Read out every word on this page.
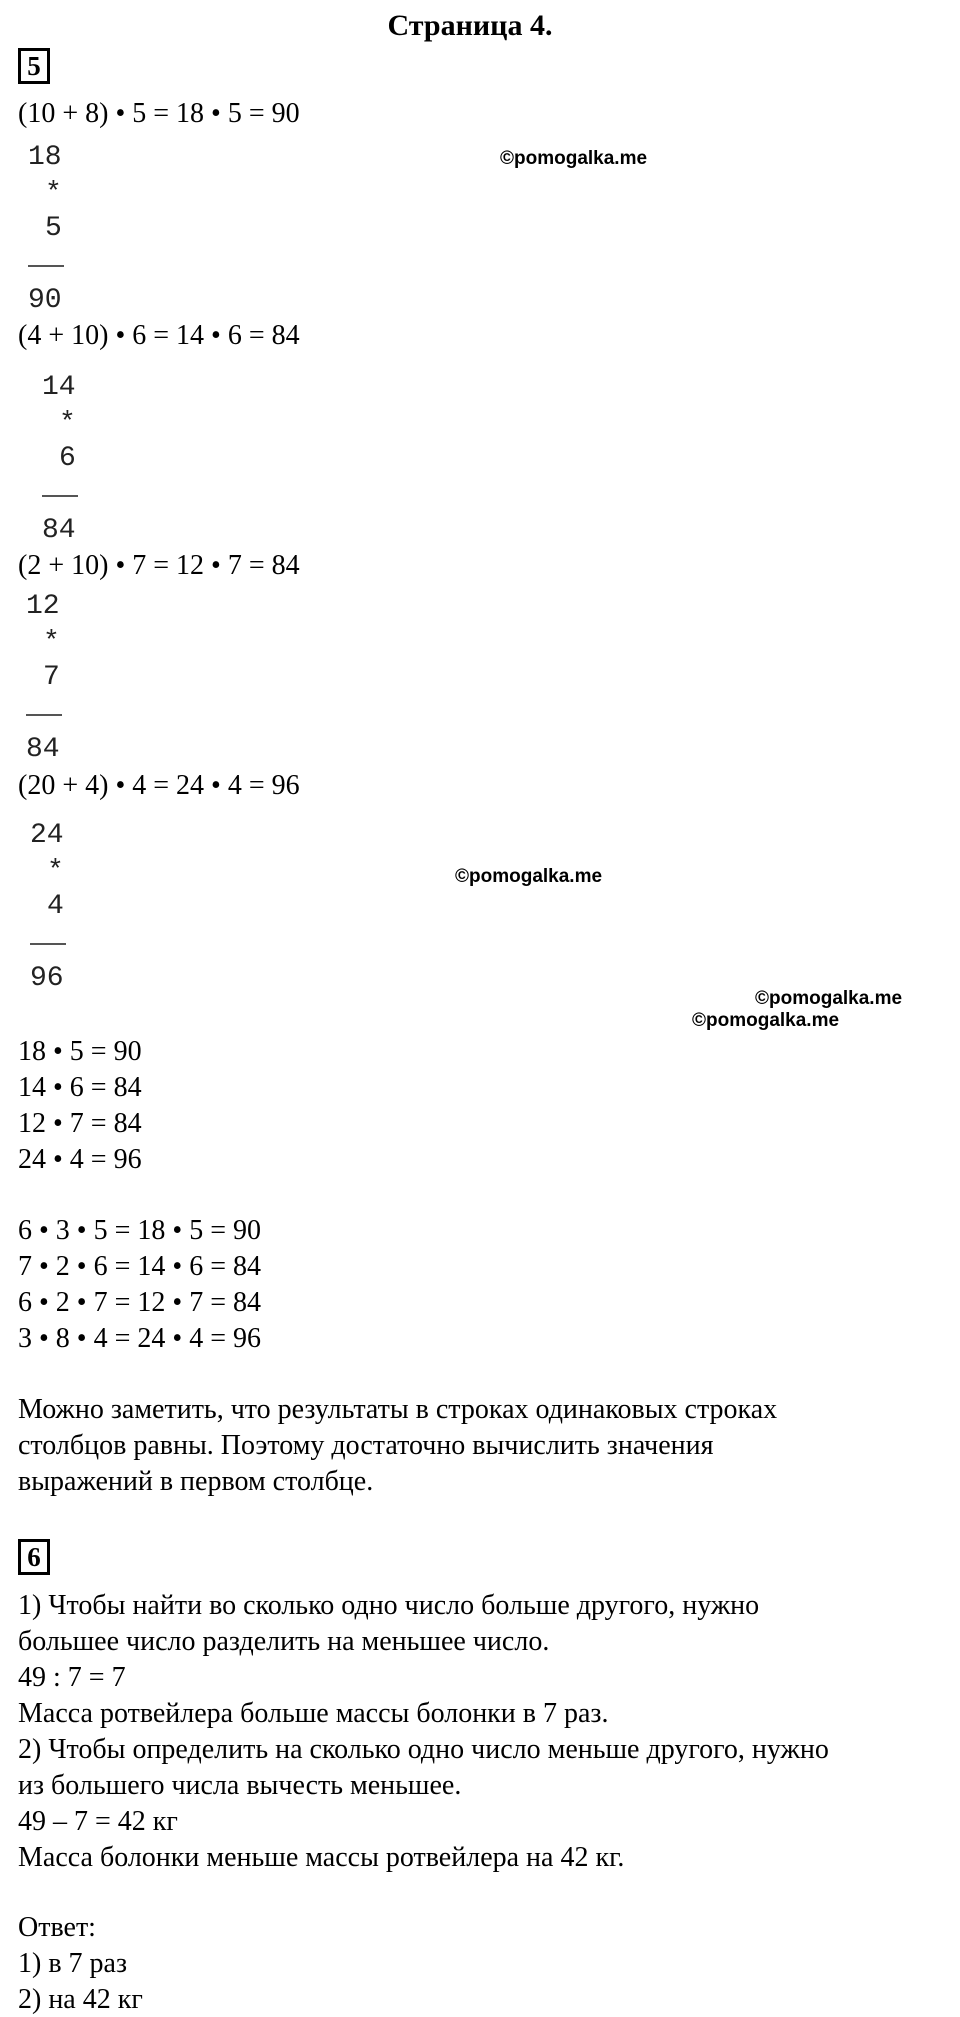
Страница 4.
5
(10 + 8) • 5 = 18 • 5 = 90
18
*
5
90
(4 + 10) • 6 = 14 • 6 = 84
14
*
6
84
(2 + 10) • 7 = 12 • 7 = 84
12
*
7
84
(20 + 4) • 4 = 24 • 4 = 96
24
*
4
96
18 • 5 = 90
14 • 6 = 84
12 • 7 = 84
24 • 4 = 96
6 • 3 • 5 = 18 • 5 = 90
7 • 2 • 6 = 14 • 6 = 84
6 • 2 • 7 = 12 • 7 = 84
3 • 8 • 4 = 24 • 4 = 96
Можно заметить, что результаты в строках одинаковых строках
столбцов равны. Поэтому достаточно вычислить значения
выражений в первом столбце.
6
1) Чтобы найти во сколько одно число больше другого, нужно
большее число разделить на меньшее число.
49 : 7 = 7
Масса ротвейлера больше массы болонки в 7 раз.
2) Чтобы определить на сколько одно число меньше другого, нужно
из большего числа вычесть меньшее.
49 – 7 = 42 кг
Масса болонки меньше массы ротвейлера на 42 кг.
Ответ:
1) в 7 раз
2) на 42 кг
©pomogalka.me
©pomogalka.me
©pomogalka.me
©pomogalka.me
